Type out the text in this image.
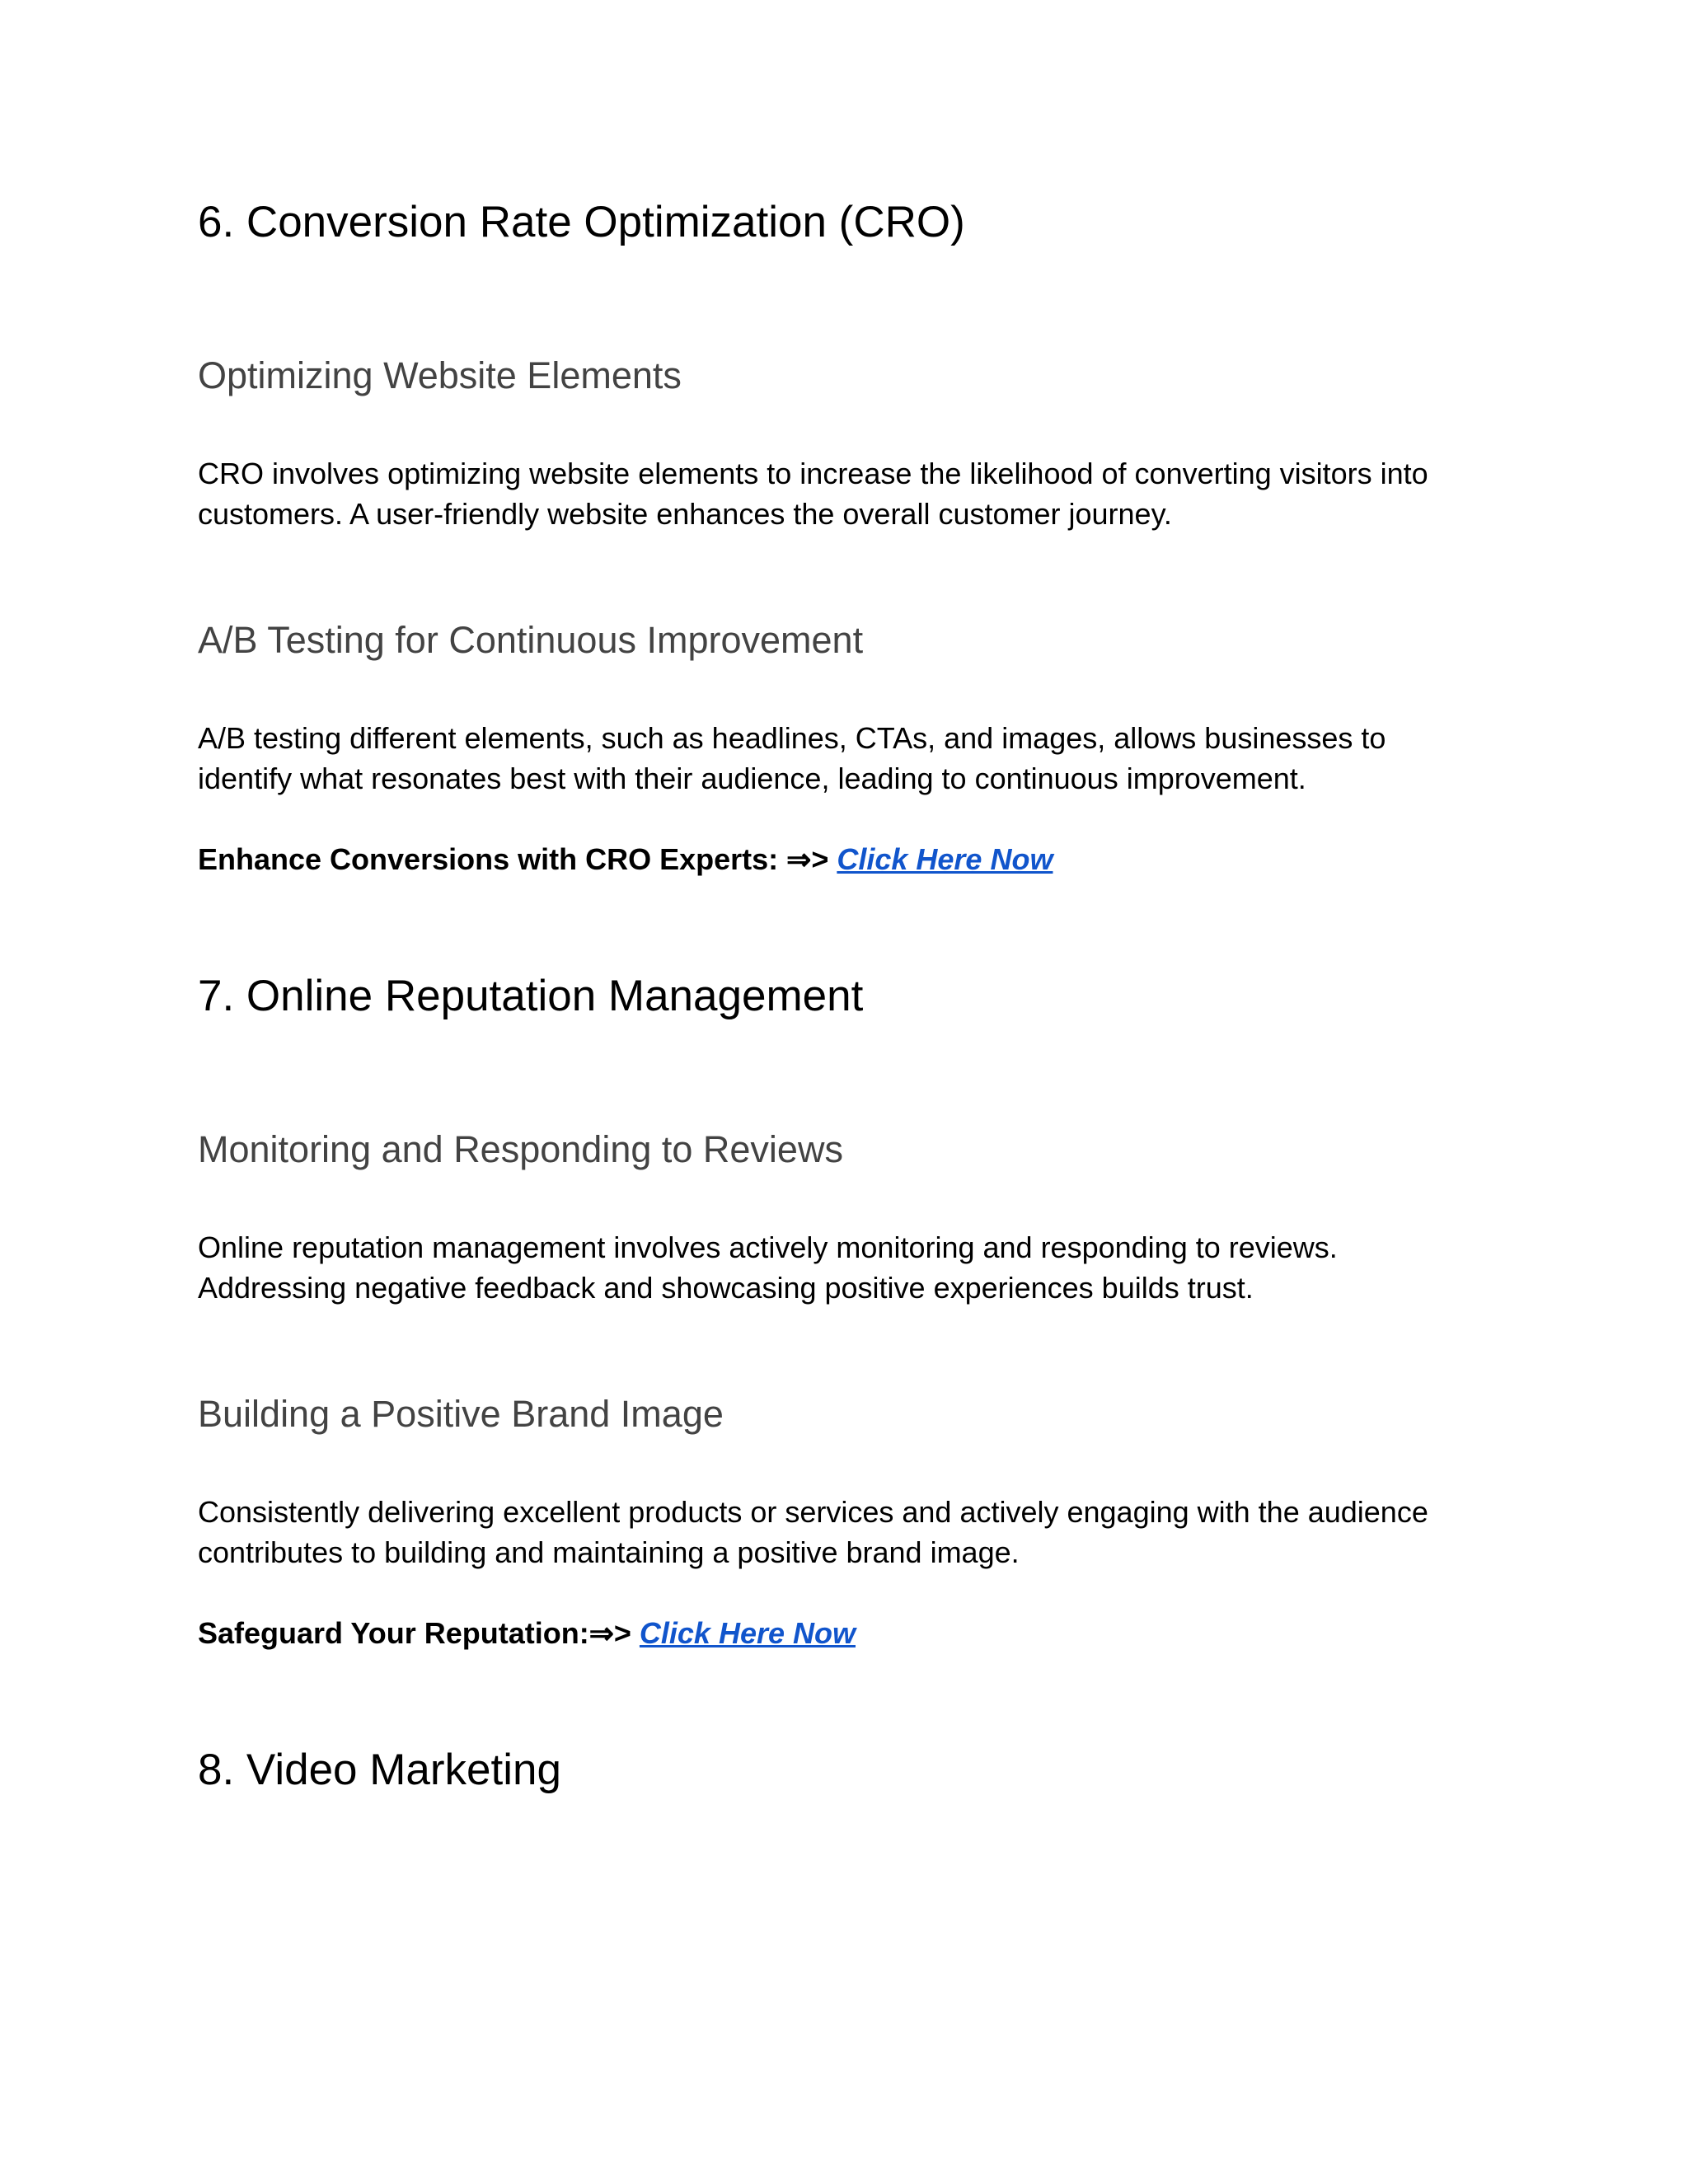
6. Conversion Rate Optimization (CRO)
Optimizing Website Elements

CRO involves optimizing website elements to increase the likelihood of converting visitors into
customers. A user-friendly website enhances the overall customer journey.

A/B Testing for Continuous Improvement

A/B testing different elements, such as headlines, CTAs, and images, allows businesses to
identify what resonates best with their audience, leading to continuous improvement.

Enhance Conversions with CRO Experts: ⇒> Click Here Now

7. Online Reputation Management
Monitoring and Responding to Reviews

Online reputation management involves actively monitoring and responding to reviews.
Addressing negative feedback and showcasing positive experiences builds trust.

Building a Positive Brand Image

Consistently delivering excellent products or services and actively engaging with the audience
contributes to building and maintaining a positive brand image.

Safeguard Your Reputation:⇒> Click Here Now

8. Video Marketing
